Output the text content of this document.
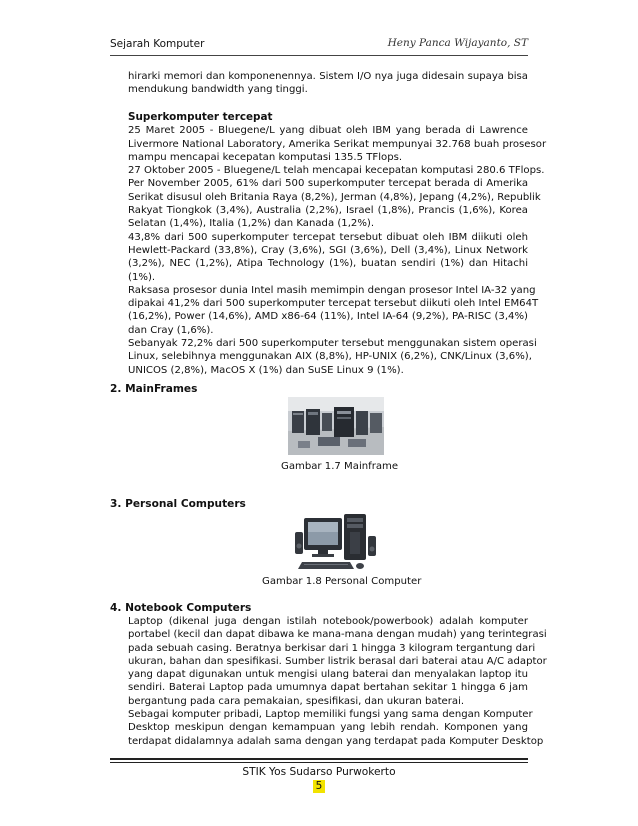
Sejarah Komputer	Heny Panca Wijayanto, ST
hirarki memori dan komponenennya. Sistem I/O nya juga didesain supaya bisa
mendukung bandwidth yang tinggi.
Superkomputer tercepat
25 Maret 2005 - Bluegene/L yang dibuat oleh IBM yang berada di Lawrence
Livermore National Laboratory, Amerika Serikat mempunyai 32.768 buah prosesor
mampu mencapai kecepatan komputasi 135.5 TFlops.
27 Oktober 2005 - Bluegene/L telah mencapai kecepatan komputasi 280.6 TFlops.
Per November 2005, 61% dari 500 superkomputer tercepat berada di Amerika
Serikat disusul oleh Britania Raya (8,2%), Jerman (4,8%), Jepang (4,2%), Republik
Rakyat Tiongkok (3,4%), Australia (2,2%), Israel (1,8%), Prancis (1,6%), Korea
Selatan (1,4%), Italia (1,2%) dan Kanada (1,2%).
43,8% dari 500 superkomputer tercepat tersebut dibuat oleh IBM diikuti oleh
Hewlett-Packard (33,8%), Cray (3,6%), SGI (3,6%), Dell (3,4%), Linux Network
(3,2%), NEC (1,2%), Atipa Technology (1%), buatan sendiri (1%) dan Hitachi
(1%).
Raksasa prosesor dunia Intel masih memimpin dengan prosesor Intel IA-32 yang
dipakai 41,2% dari 500 superkomputer tercepat tersebut diikuti oleh Intel EM64T
(16,2%), Power (14,6%), AMD x86-64 (11%), Intel IA-64 (9,2%), PA-RISC (3,4%)
dan Cray (1,6%).
Sebanyak 72,2% dari 500 superkomputer tersebut menggunakan sistem operasi
Linux, selebihnya menggunakan AIX (8,8%), HP-UNIX (6,2%), CNK/Linux (3,6%),
UNICOS (2,8%), MacOS X (1%) dan SuSE Linux 9 (1%).
2. MainFrames
Gambar 1.7 Mainframe
3. Personal Computers
Gambar 1.8 Personal Computer
4. Notebook Computers
Laptop (dikenal juga dengan istilah notebook/powerbook) adalah komputer
portabel (kecil dan dapat dibawa ke mana-mana dengan mudah) yang terintegrasi
pada sebuah casing. Beratnya berkisar dari 1 hingga 3 kilogram tergantung dari
ukuran, bahan dan spesifikasi. Sumber listrik berasal dari baterai atau A/C adaptor
yang dapat digunakan untuk mengisi ulang baterai dan menyalakan laptop itu
sendiri. Baterai Laptop pada umumnya dapat bertahan sekitar 1 hingga 6 jam
bergantung pada cara pemakaian, spesifikasi, dan ukuran baterai.
Sebagai komputer pribadi, Laptop memiliki fungsi yang sama dengan Komputer
Desktop meskipun dengan kemampuan yang lebih rendah. Komponen yang
terdapat didalamnya adalah sama dengan yang terdapat pada Komputer Desktop
STIK Yos Sudarso Purwokerto
5
